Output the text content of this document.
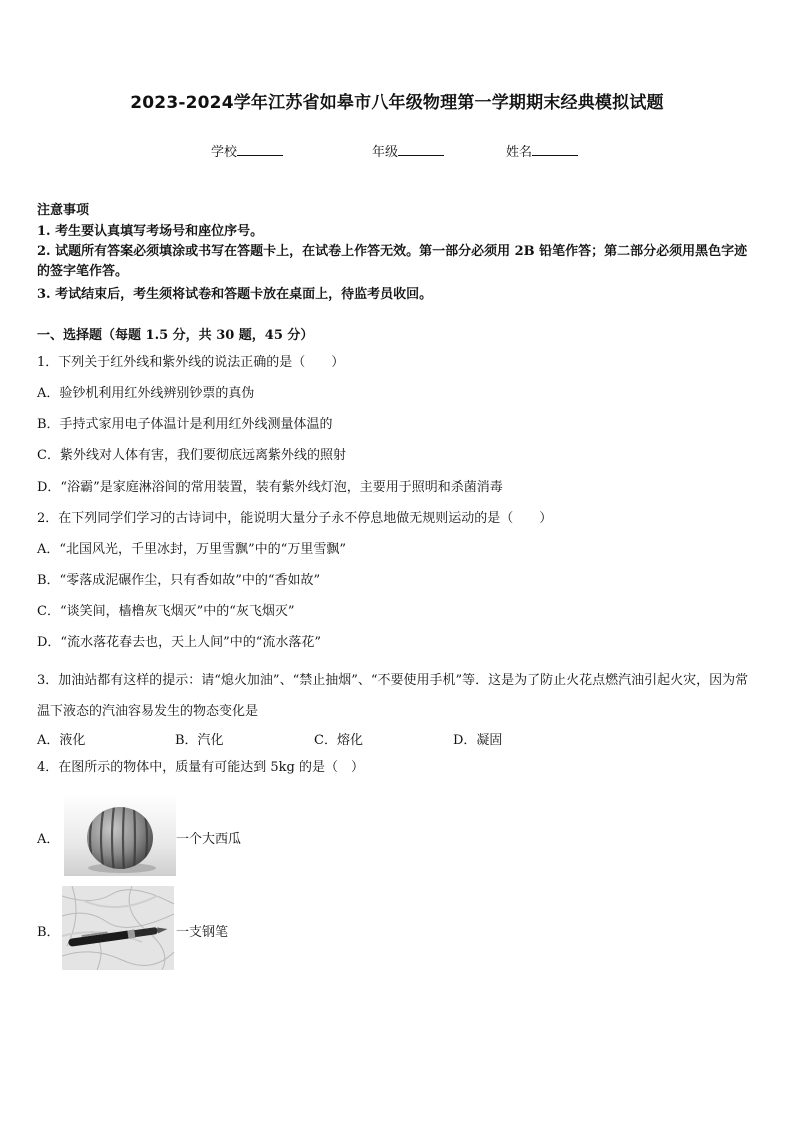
2023-2024学年江苏省如皋市八年级物理第一学期期末经典模拟试题
学校	年级	姓名
注意事项
1. 考生要认真填写考场号和座位序号。
2. 试题所有答案必须填涂或书写在答题卡上，在试卷上作答无效。第一部分必须用 2B 铅笔作答；第二部分必须用黑色字迹的签字笔作答。
3. 考试结束后，考生须将试卷和答题卡放在桌面上，待监考员收回。
一、选择题（每题 1.5 分，共 30 题，45 分）
1．下列关于红外线和紫外线的说法正确的是（　　）
A．验钞机利用红外线辨别钞票的真伪
B．手持式家用电子体温计是利用红外线测量体温的
C．紫外线对人体有害，我们要彻底远离紫外线的照射
D．“浴霸”是家庭淋浴间的常用装置，装有紫外线灯泡，主要用于照明和杀菌消毒
2．在下列同学们学习的古诗词中，能说明大量分子永不停息地做无规则运动的是（　　）
A．“北国风光，千里冰封，万里雪飘”中的“万里雪飘”
B．“零落成泥碾作尘，只有香如故”中的“香如故”
C．“谈笑间，樯橹灰飞烟灭”中的“灰飞烟灭”
D．“流水落花春去也，天上人间”中的“流水落花”
3．加油站都有这样的提示：请“熄火加油”、“禁止抽烟”、“不要使用手机”等．这是为了防止火花点燃汽油引起火灾，因为常温下液态的汽油容易发生的物态变化是
A．液化	B．汽化	C．熔化	D．凝固
4．在图所示的物体中，质量有可能达到 5kg 的是（　）
A．	一个大西瓜
B．	一支钢笔
